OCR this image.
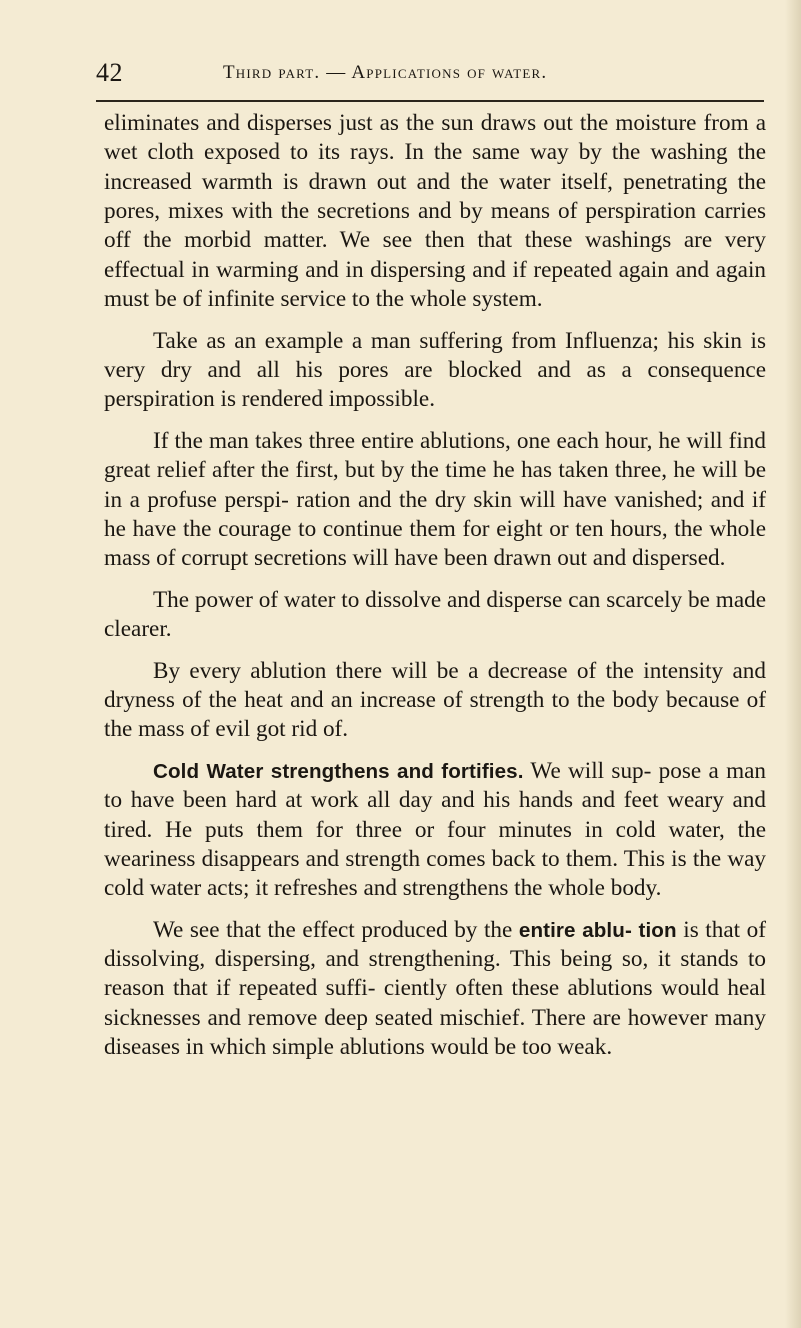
42	Third part. — Applications of water.

eliminates and disperses just as the sun draws out the moisture from a wet cloth exposed to its rays. In the same way by the washing the increased warmth is drawn out and the water itself, penetrating the pores, mixes with the secretions and by means of perspiration carries off the morbid matter. We see then that these washings are very effectual in warming and in dispersing and if repeated again and again must be of infinite service to the whole system.

Take as an example a man suffering from Influenza; his skin is very dry and all his pores are blocked and as a consequence perspiration is rendered impossible.

If the man takes three entire ablutions, one each hour, he will find great relief after the first, but by the time he has taken three, he will be in a profuse perspi- ration and the dry skin will have vanished; and if he have the courage to continue them for eight or ten hours, the whole mass of corrupt secretions will have been drawn out and dispersed.

The power of water to dissolve and disperse can scarcely be made clearer.

By every ablution there will be a decrease of the intensity and dryness of the heat and an increase of strength to the body because of the mass of evil got rid of.

Cold Water strengthens and fortifies. We will sup- pose a man to have been hard at work all day and his hands and feet weary and tired. He puts them for three or four minutes in cold water, the weariness disappears and strength comes back to them. This is the way cold water acts; it refreshes and strengthens the whole body.

We see that the effect produced by the entire ablu- tion is that of dissolving, dispersing, and strengthening. This being so, it stands to reason that if repeated suffi- ciently often these ablutions would heal sicknesses and remove deep seated mischief. There are however many diseases in which simple ablutions would be too weak.
